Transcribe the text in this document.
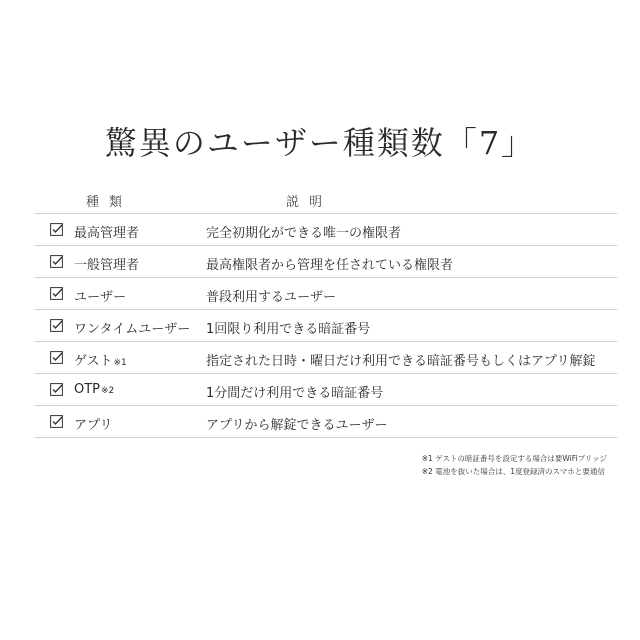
驚異のユーザー種類数「7」
種類	説明
最高管理者	完全初期化ができる唯一の権限者
一般管理者	最高権限者から管理を任されている権限者
ユーザー	普段利用するユーザー
ワンタイムユーザー 1回限り利用できる暗証番号
ゲスト※1	指定された日時・曜日だけ利用できる暗証番号もしくはアプリ解錠
OTP※2	1分間だけ利用できる暗証番号
アプリ	アプリから解錠できるユーザー
※1 ゲストの暗証番号を設定する場合は要WiFiブリッジ
※2 電池を抜いた場合は、1度登録済のスマホと要通信
